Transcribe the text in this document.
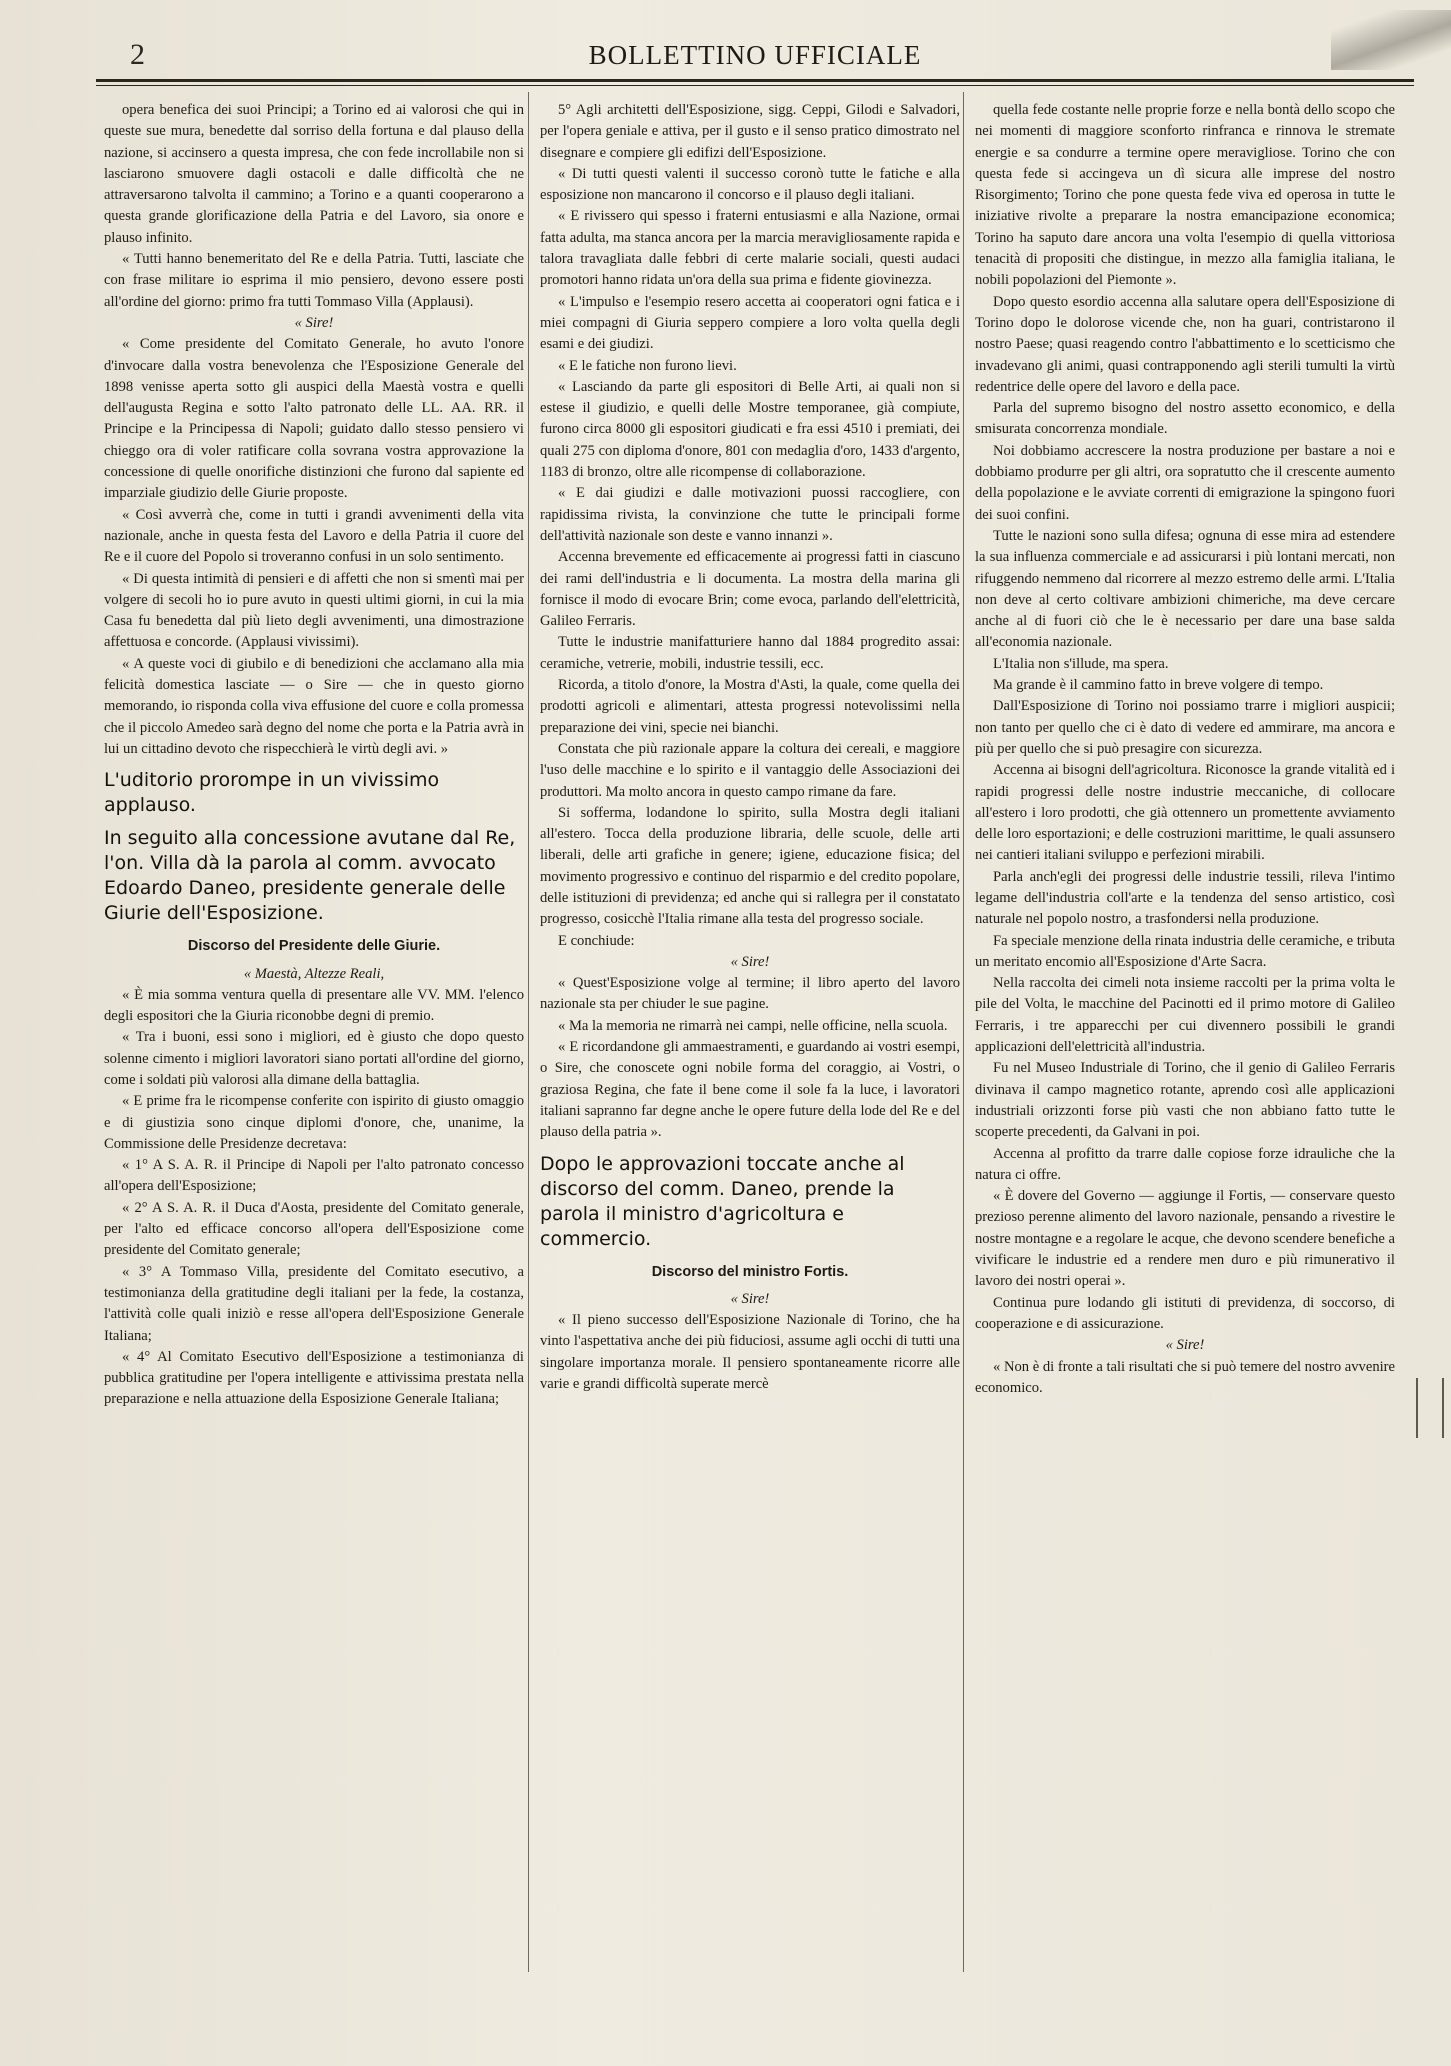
2	BOLLETTINO UFFICIALE

opera benefica dei suoi Principi; a Torino ed ai valorosi che qui in queste sue mura, benedette dal sorriso della fortuna e dal plauso della nazione, si accinsero a questa impresa, che con fede incrollabile non si lasciarono smuovere dagli ostacoli e dalle difficoltà che ne attraversarono talvolta il cammino; a Torino e a quanti cooperarono a questa grande glorificazione della Patria e del Lavoro, sia onore e plauso infinito.

« Tutti hanno benemeritato del Re e della Patria. Tutti, lasciate che con frase militare io esprima il mio pensiero, devono essere posti all'ordine del giorno: primo fra tutti Tommaso Villa (Applausi).

« Sire!

« Come presidente del Comitato Generale, ho avuto l'onore d'invocare dalla vostra benevolenza che l'Esposizione Generale del 1898 venisse aperta sotto gli auspici della Maestà vostra e quelli dell'augusta Regina e sotto l'alto patronato delle LL. AA. RR. il Principe e la Principessa di Napoli; guidato dallo stesso pensiero vi chieggo ora di voler ratificare colla sovrana vostra approvazione la concessione di quelle onorifiche distinzioni che furono dal sapiente ed imparziale giudizio delle Giurie proposte.

« Così avverrà che, come in tutti i grandi avvenimenti della vita nazionale, anche in questa festa del Lavoro e della Patria il cuore del Re e il cuore del Popolo si troveranno confusi in un solo sentimento.

« Di questa intimità di pensieri e di affetti che non si smentì mai per volgere di secoli ho io pure avuto in questi ultimi giorni, in cui la mia Casa fu benedetta dal più lieto degli avvenimenti, una dimostrazione affettuosa e concorde. (Applausi vivissimi).

« A queste voci di giubilo e di benedizioni che acclamano alla mia felicità domestica lasciate — o Sire — che in questo giorno memorando, io risponda colla viva effusione del cuore e colla promessa che il piccolo Amedeo sarà degno del nome che porta e la Patria avrà in lui un cittadino devoto che rispecchierà le virtù degli avi. »

L'uditorio prorompe in un vivissimo applauso.

In seguito alla concessione avutane dal Re, l'on. Villa dà la parola al comm. avvocato Edoardo Daneo, presidente generale delle Giurie dell'Esposizione.

Discorso del Presidente delle Giurie.

« Maestà, Altezze Reali,

« È mia somma ventura quella di presentare alle VV. MM. l'elenco degli espositori che la Giuria riconobbe degni di premio.

« Tra i buoni, essi sono i migliori, ed è giusto che dopo questo solenne cimento i migliori lavoratori siano portati all'ordine del giorno, come i soldati più valorosi alla dimane della battaglia.

« E prime fra le ricompense conferite con ispirito di giusto omaggio e di giustizia sono cinque diplomi d'onore, che, unanime, la Commissione delle Presidenze decretava:

« 1° A S. A. R. il Principe di Napoli per l'alto patronato concesso all'opera dell'Esposizione;

« 2° A S. A. R. il Duca d'Aosta, presidente del Comitato generale, per l'alto ed efficace concorso all'opera dell'Esposizione come presidente del Comitato generale;

« 3° A Tommaso Villa, presidente del Comitato esecutivo, a testimonianza della gratitudine degli italiani per la fede, la costanza, l'attività colle quali iniziò e resse all'opera dell'Esposizione Generale Italiana;

« 4° Al Comitato Esecutivo dell'Esposizione a testimonianza di pubblica gratitudine per l'opera intelligente e attivissima prestata nella preparazione e nella attuazione della Esposizione Generale Italiana;

5° Agli architetti dell'Esposizione, sigg. Ceppi, Gilodi e Salvadori, per l'opera geniale e attiva, per il gusto e il senso pratico dimostrato nel disegnare e compiere gli edifizi dell'Esposizione.

« Di tutti questi valenti il successo coronò tutte le fatiche e alla esposizione non mancarono il concorso e il plauso degli italiani.

« E rivissero qui spesso i fraterni entusiasmi e alla Nazione, ormai fatta adulta, ma stanca ancora per la marcia meravigliosamente rapida e talora travagliata dalle febbri di certe malarie sociali, questi audaci promotori hanno ridata un'ora della sua prima e fidente giovinezza.

« L'impulso e l'esempio resero accetta ai cooperatori ogni fatica e i miei compagni di Giuria seppero compiere a loro volta quella degli esami e dei giudizi.

« E le fatiche non furono lievi.

« Lasciando da parte gli espositori di Belle Arti, ai quali non si estese il giudizio, e quelli delle Mostre temporanee, già compiute, furono circa 8000 gli espositori giudicati e fra essi 4510 i premiati, dei quali 275 con diploma d'onore, 801 con medaglia d'oro, 1433 d'argento, 1183 di bronzo, oltre alle ricompense di collaborazione.

« E dai giudizi e dalle motivazioni puossi raccogliere, con rapidissima rivista, la convinzione che tutte le principali forme dell'attività nazionale son deste e vanno innanzi ».

Accenna brevemente ed efficacemente ai progressi fatti in ciascuno dei rami dell'industria e li documenta. La mostra della marina gli fornisce il modo di evocare Brin; come evoca, parlando dell'elettricità, Galileo Ferraris.

Tutte le industrie manifatturiere hanno dal 1884 progredito assai: ceramiche, vetrerie, mobili, industrie tessili, ecc.

Ricorda, a titolo d'onore, la Mostra d'Asti, la quale, come quella dei prodotti agricoli e alimentari, attesta progressi notevolissimi nella preparazione dei vini, specie nei bianchi.

Constata che più razionale appare la coltura dei cereali, e maggiore l'uso delle macchine e lo spirito e il vantaggio delle Associazioni dei produttori. Ma molto ancora in questo campo rimane da fare.

Si sofferma, lodandone lo spirito, sulla Mostra degli italiani all'estero. Tocca della produzione libraria, delle scuole, delle arti liberali, delle arti grafiche in genere; igiene, educazione fisica; del movimento progressivo e continuo del risparmio e del credito popolare, delle istituzioni di previdenza; ed anche qui si rallegra per il constatato progresso, cosicchè l'Italia rimane alla testa del progresso sociale.

E conchiude:

« Sire!

« Quest'Esposizione volge al termine; il libro aperto del lavoro nazionale sta per chiuder le sue pagine.

« Ma la memoria ne rimarrà nei campi, nelle officine, nella scuola.

« E ricordandone gli ammaestramenti, e guardando ai vostri esempi, o Sire, che conoscete ogni nobile forma del coraggio, ai Vostri, o graziosa Regina, che fate il bene come il sole fa la luce, i lavoratori italiani sapranno far degne anche le opere future della lode del Re e del plauso della patria ».

Dopo le approvazioni toccate anche al discorso del comm. Daneo, prende la parola il ministro d'agricoltura e commercio.

Discorso del ministro Fortis.

« Sire!

« Il pieno successo dell'Esposizione Nazionale di Torino, che ha vinto l'aspettativa anche dei più fiduciosi, assume agli occhi di tutti una singolare importanza morale. Il pensiero spontaneamente ricorre alle varie e grandi difficoltà superate mercè

quella fede costante nelle proprie forze e nella bontà dello scopo che nei momenti di maggiore sconforto rinfranca e rinnova le stremate energie e sa condurre a termine opere meravigliose. Torino che con questa fede si accingeva un dì sicura alle imprese del nostro Risorgimento; Torino che pone questa fede viva ed operosa in tutte le iniziative rivolte a preparare la nostra emancipazione economica; Torino ha saputo dare ancora una volta l'esempio di quella vittoriosa tenacità di propositi che distingue, in mezzo alla famiglia italiana, le nobili popolazioni del Piemonte ».

Dopo questo esordio accenna alla salutare opera dell'Esposizione di Torino dopo le dolorose vicende che, non ha guari, contristarono il nostro Paese; quasi reagendo contro l'abbattimento e lo scetticismo che invadevano gli animi, quasi contrapponendo agli sterili tumulti la virtù redentrice delle opere del lavoro e della pace.

Parla del supremo bisogno del nostro assetto economico, e della smisurata concorrenza mondiale.

Noi dobbiamo accrescere la nostra produzione per bastare a noi e dobbiamo produrre per gli altri, ora sopratutto che il crescente aumento della popolazione e le avviate correnti di emigrazione la spingono fuori dei suoi confini.

Tutte le nazioni sono sulla difesa; ognuna di esse mira ad estendere la sua influenza commerciale e ad assicurarsi i più lontani mercati, non rifuggendo nemmeno dal ricorrere al mezzo estremo delle armi. L'Italia non deve al certo coltivare ambizioni chimeriche, ma deve cercare anche al di fuori ciò che le è necessario per dare una base salda all'economia nazionale.

L'Italia non s'illude, ma spera.

Ma grande è il cammino fatto in breve volgere di tempo.

Dall'Esposizione di Torino noi possiamo trarre i migliori auspicii; non tanto per quello che ci è dato di vedere ed ammirare, ma ancora e più per quello che si può presagire con sicurezza.

Accenna ai bisogni dell'agricoltura. Riconosce la grande vitalità ed i rapidi progressi delle nostre industrie meccaniche, di collocare all'estero i loro prodotti, che già ottennero un promettente avviamento delle loro esportazioni; e delle costruzioni marittime, le quali assunsero nei cantieri italiani sviluppo e perfezioni mirabili.

Parla anch'egli dei progressi delle industrie tessili, rileva l'intimo legame dell'industria coll'arte e la tendenza del senso artistico, così naturale nel popolo nostro, a trasfondersi nella produzione.

Fa speciale menzione della rinata industria delle ceramiche, e tributa un meritato encomio all'Esposizione d'Arte Sacra.

Nella raccolta dei cimeli nota insieme raccolti per la prima volta le pile del Volta, le macchine del Pacinotti ed il primo motore di Galileo Ferraris, i tre apparecchi per cui divennero possibili le grandi applicazioni dell'elettricità all'industria.

Fu nel Museo Industriale di Torino, che il genio di Galileo Ferraris divinava il campo magnetico rotante, aprendo così alle applicazioni industriali orizzonti forse più vasti che non abbiano fatto tutte le scoperte precedenti, da Galvani in poi.

Accenna al profitto da trarre dalle copiose forze idrauliche che la natura ci offre.

« È dovere del Governo — aggiunge il Fortis, — conservare questo prezioso perenne alimento del lavoro nazionale, pensando a rivestire le nostre montagne e a regolare le acque, che devono scendere benefiche a vivificare le industrie ed a rendere men duro e più rimunerativo il lavoro dei nostri operai ».

Continua pure lodando gli istituti di previdenza, di soccorso, di cooperazione e di assicurazione.

« Sire!

« Non è di fronte a tali risultati che si può temere del nostro avvenire economico.
